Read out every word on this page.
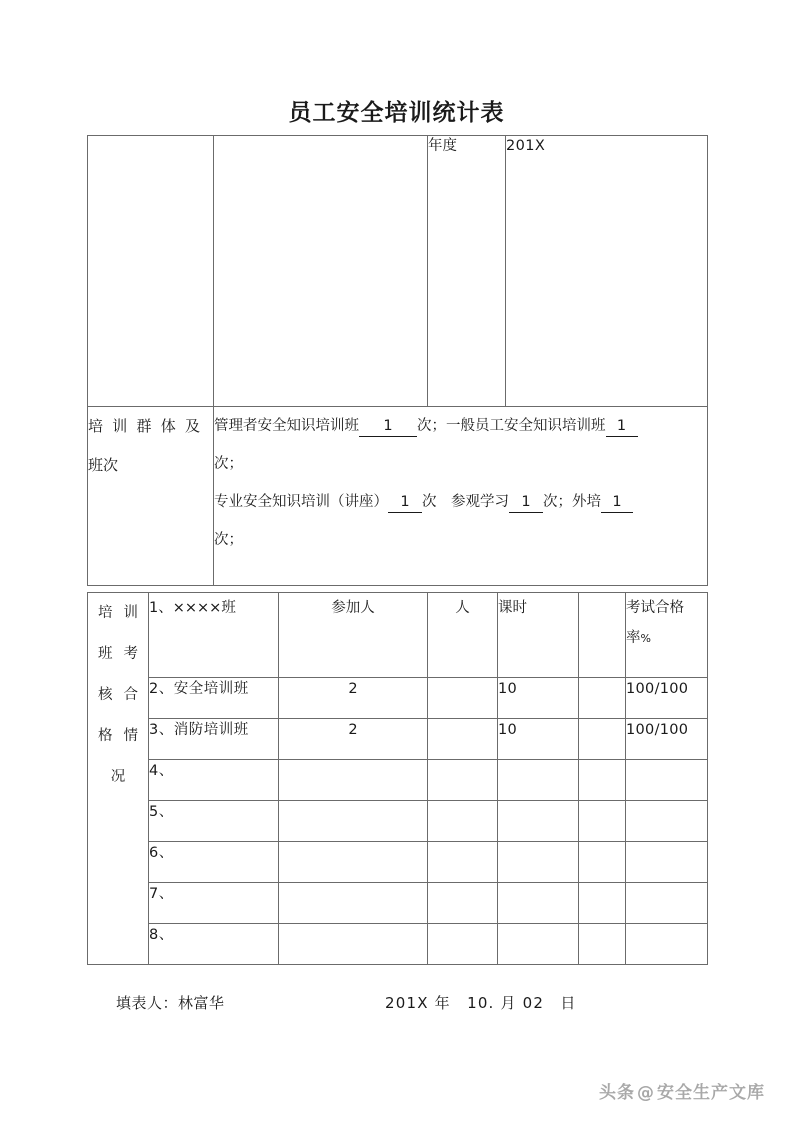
员工安全培训统计表
		年度	201X

培训群体及
班次	管理者安全知识培训班 1 次；一般员工安全知识培训班 1
次；
专业安全知识培训（讲座） 1 次　参观学习 1 次；外培 1
次；		
培训
班考
核合
格情
况	1、××××班	参加人	人	课时		考试合格
率%
	2、安全培训班	2		10		100/100
	3、消防培训班	2		10		100/100
	4、					
	5、					
	6、					
	7、					
	8、					
填表人：林富华	201X 年　10. 月 02　日
头条 @ 安全生产文库
